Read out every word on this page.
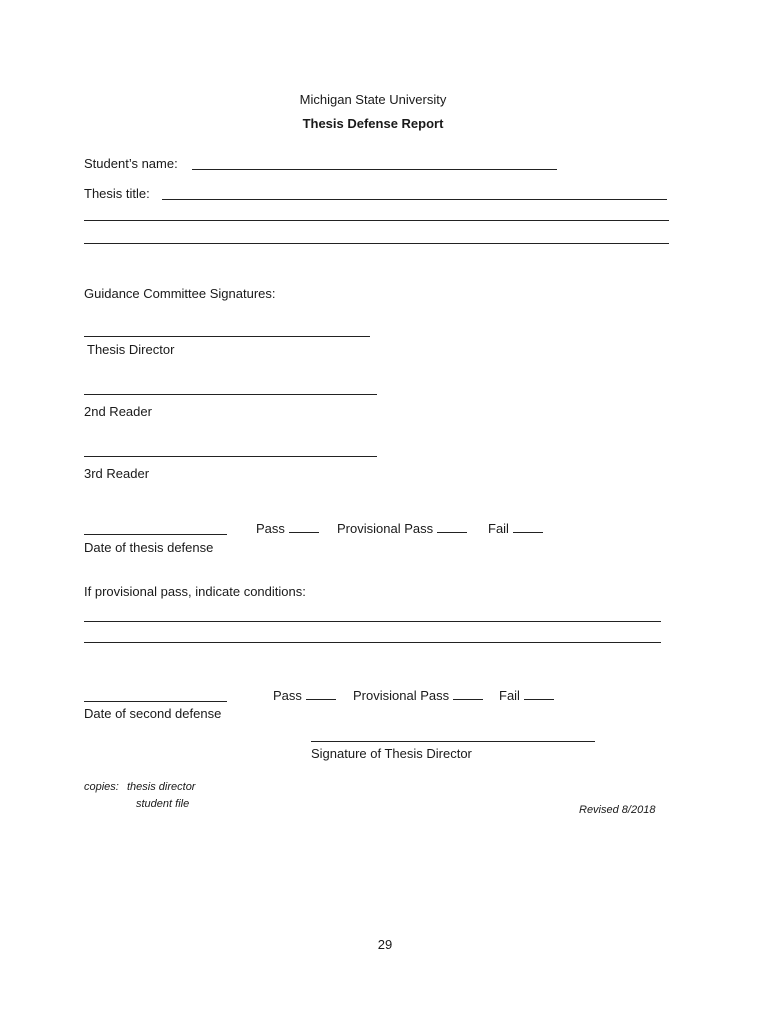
Michigan State University
Thesis Defense Report
Student’s name:
Thesis title:
Guidance Committee Signatures:
Thesis Director
2nd Reader
3rd Reader
Pass	Provisional Pass	Fail
Date of thesis defense
If provisional pass, indicate conditions:
Pass	Provisional Pass	Fail
Date of second defense
Signature of Thesis Director
copies: thesis director
student file	Revised 8/2018
29
